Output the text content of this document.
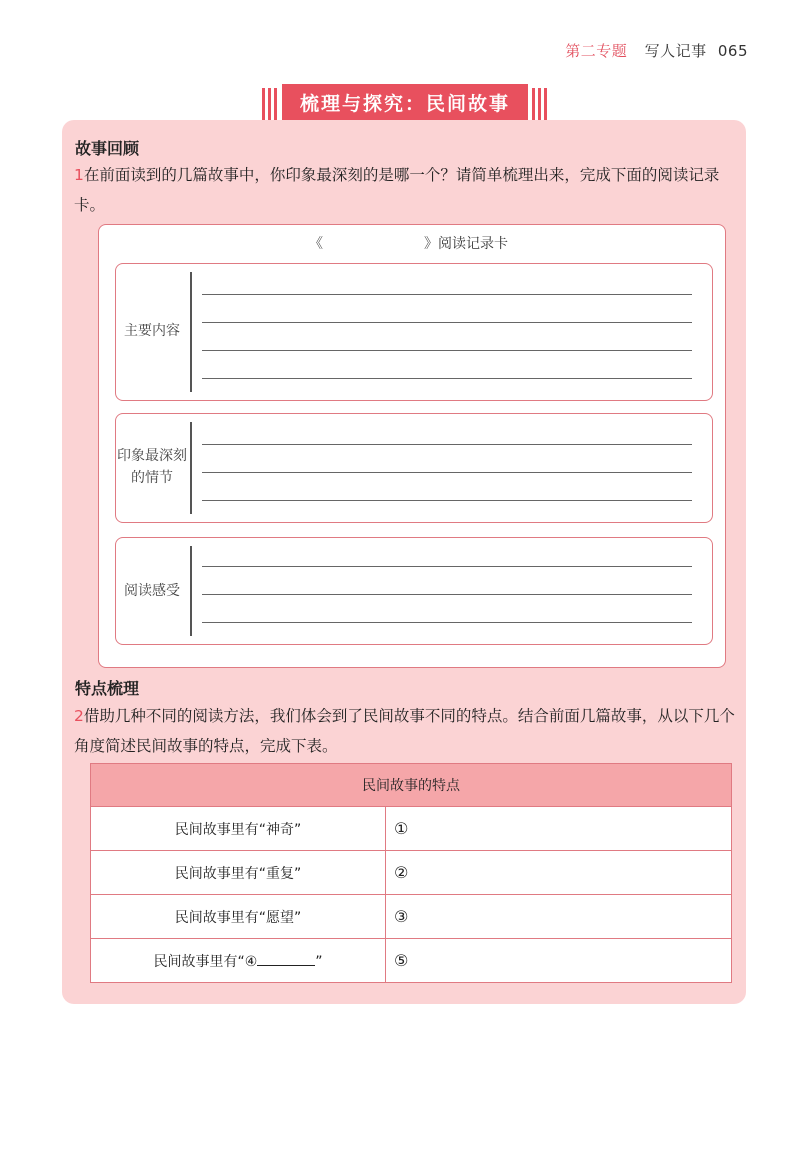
第二专题 写人记事 065
梳理与探究：民间故事
故事回顾
1在前面读到的几篇故事中，你印象最深刻的是哪一个？请简单梳理出来，完成下面的阅读记录卡。
《	》阅读记录卡
主要内容
印象最深刻的情节
阅读感受
特点梳理
2借助几种不同的阅读方法，我们体会到了民间故事不同的特点。结合前面几篇故事，从以下几个角度简述民间故事的特点，完成下表。
民间故事的特点	
民间故事里有“神奇”	①
民间故事里有“重复”	②
民间故事里有“愿望”	③
民间故事里有“④ ”	⑤
